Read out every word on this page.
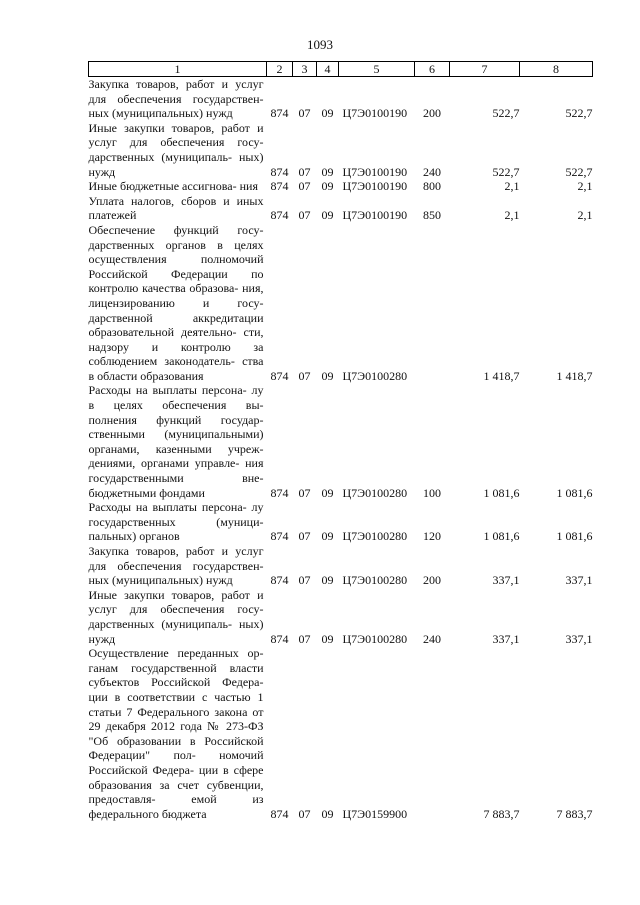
1093
1	2	3	4	5	6	7	8
Закупка товаров, работ и услуг для обеспечения государствен- ных (муниципальных) нужд	874	07	09	Ц7Э0100190	200	522,7	522,7
Иные закупки товаров, работ и услуг для обеспечения госу- дарственных (муниципаль- ных) нужд	874	07	09	Ц7Э0100190	240	522,7	522,7
Иные бюджетные ассигнова- ния	874	07	09	Ц7Э0100190	800	2,1	2,1
Уплата налогов, сборов и иных платежей	874	07	09	Ц7Э0100190	850	2,1	2,1
Обеспечение функций госу- дарственных органов в целях осуществления полномочий Российской Федерации по контролю качества образова- ния, лицензированию и госу- дарственной аккредитации образовательной деятельно- сти, надзору и контролю за соблюдением законодатель- ства в области образования	874	07	09	Ц7Э0100280		1 418,7	1 418,7
Расходы на выплаты персона- лу в целях обеспечения вы- полнения функций государ- ственными (муниципальными) органами, казенными учреж- дениями, органами управле- ния государственными вне- бюджетными фондами	874	07	09	Ц7Э0100280	100	1 081,6	1 081,6
Расходы на выплаты персона- лу государственных (муници- пальных) органов	874	07	09	Ц7Э0100280	120	1 081,6	1 081,6
Закупка товаров, работ и услуг для обеспечения государствен- ных (муниципальных) нужд	874	07	09	Ц7Э0100280	200	337,1	337,1
Иные закупки товаров, работ и услуг для обеспечения госу- дарственных (муниципаль- ных) нужд	874	07	09	Ц7Э0100280	240	337,1	337,1
Осуществление переданных ор- ганам государственной власти субъектов Российской Федера- ции в соответствии с частью 1 статьи 7 Федерального закона от 29 декабря 2012 года № 273-ФЗ "Об образовании в Российской Федерации" пол- номочий Российской Федера- ции в сфере образования за счет субвенции, предоставля- емой из федерального бюджета	874	07	09	Ц7Э0159900		7 883,7	7 883,7
